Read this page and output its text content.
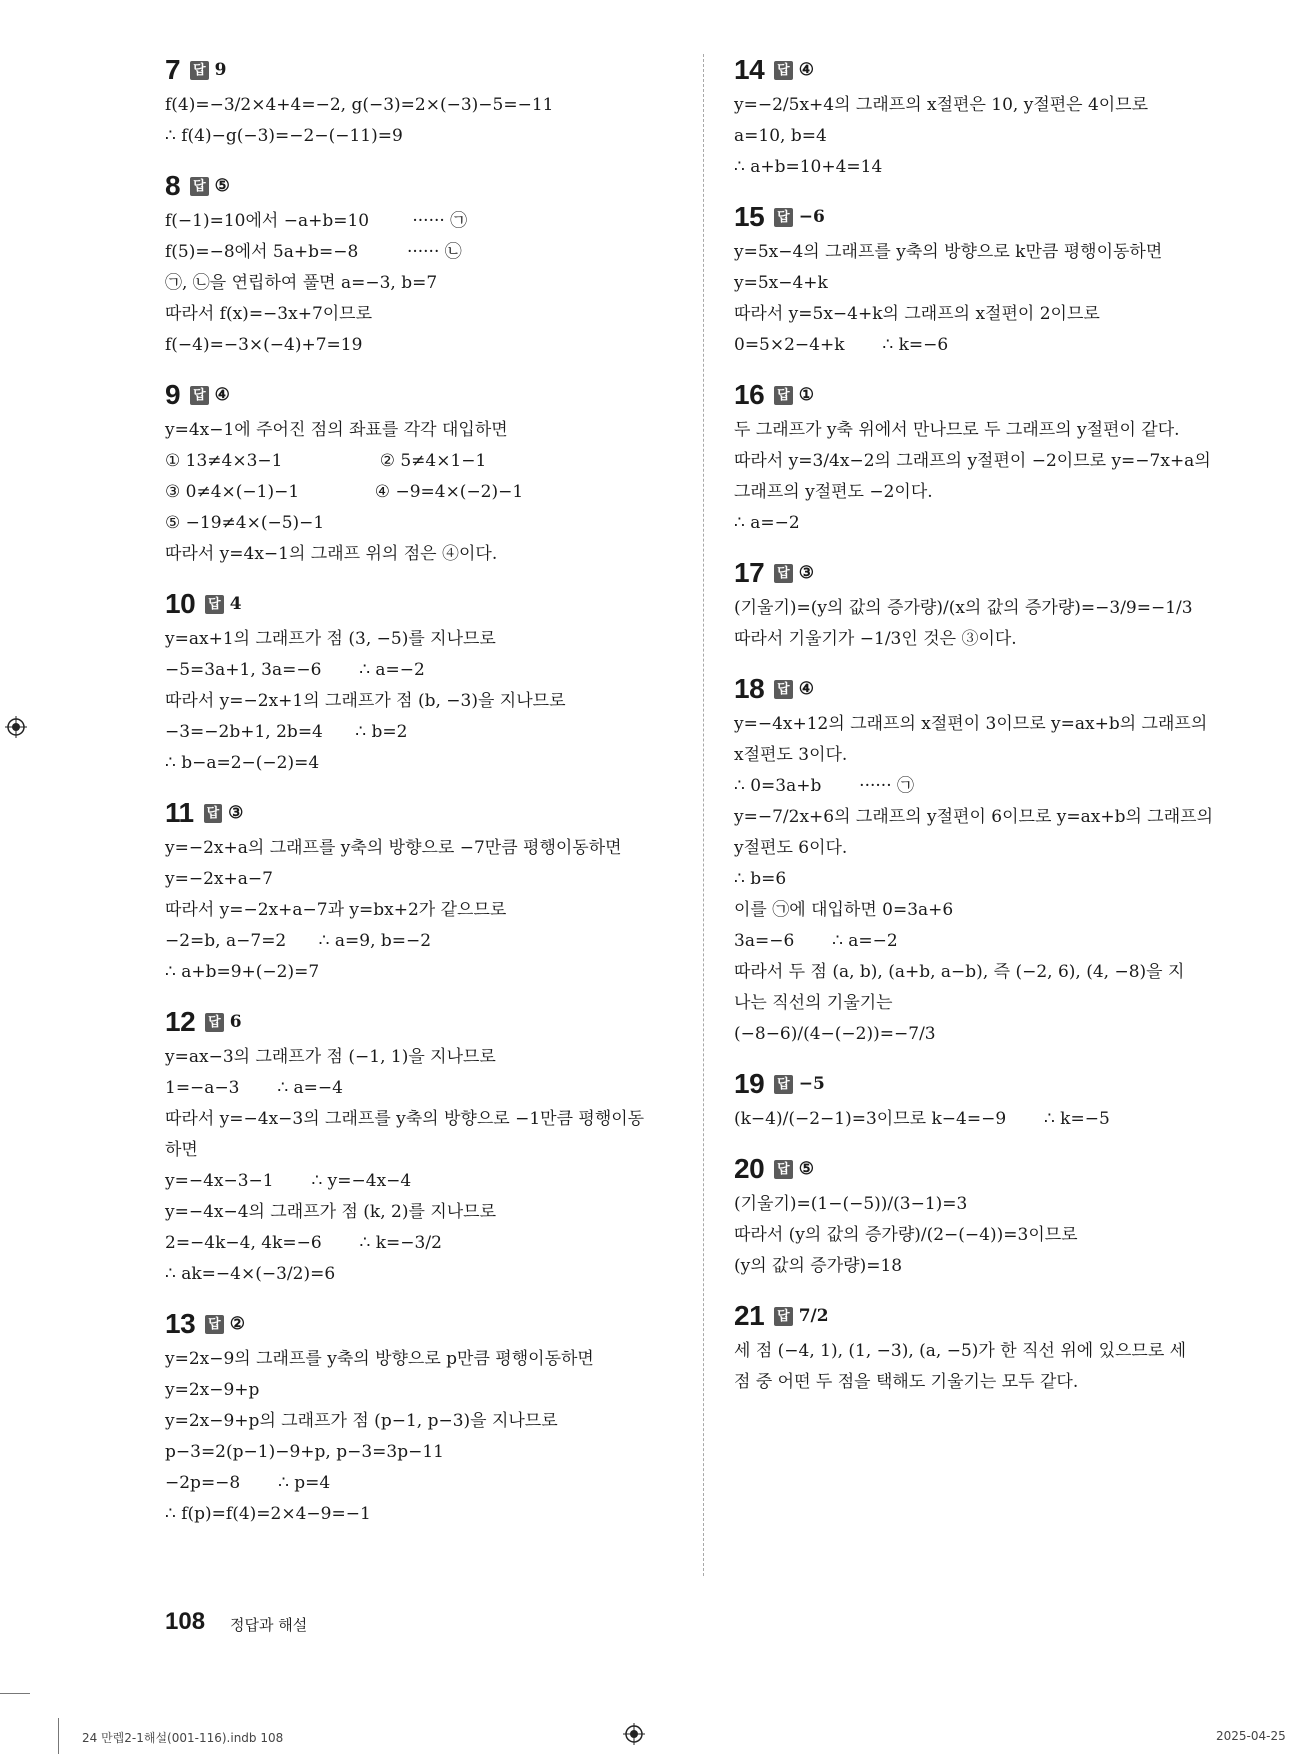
7 답 9
f(4)=−3/2×4+4=−2, g(−3)=2×(−3)−5=−11
∴ f(4)−g(−3)=−2−(−11)=9
8 답 ⑤
f(−1)=10에서 −a+b=10        ······ ㉠
f(5)=−8에서 5a+b=−8         ······ ㉡
㉠, ㉡을 연립하여 풀면 a=−3, b=7
따라서 f(x)=−3x+7이므로
f(−4)=−3×(−4)+7=19
9 답 ④
y=4x−1에 주어진 점의 좌표를 각각 대입하면
① 13≠4×3−1                  ② 5≠4×1−1
③ 0≠4×(−1)−1              ④ −9=4×(−2)−1
⑤ −19≠4×(−5)−1
따라서 y=4x−1의 그래프 위의 점은 ④이다.
10 답 4
y=ax+1의 그래프가 점 (3, −5)를 지나므로
−5=3a+1, 3a=−6       ∴ a=−2
따라서 y=−2x+1의 그래프가 점 (b, −3)을 지나므로
−3=−2b+1, 2b=4      ∴ b=2
∴ b−a=2−(−2)=4
11 답 ③
y=−2x+a의 그래프를 y축의 방향으로 −7만큼 평행이동하면
y=−2x+a−7
따라서 y=−2x+a−7과 y=bx+2가 같으므로
−2=b, a−7=2      ∴ a=9, b=−2
∴ a+b=9+(−2)=7
12 답 6
y=ax−3의 그래프가 점 (−1, 1)을 지나므로
1=−a−3       ∴ a=−4
따라서 y=−4x−3의 그래프를 y축의 방향으로 −1만큼 평행이동
하면
y=−4x−3−1       ∴ y=−4x−4
y=−4x−4의 그래프가 점 (k, 2)를 지나므로
2=−4k−4, 4k=−6       ∴ k=−3/2
∴ ak=−4×(−3/2)=6
13 답 ②
y=2x−9의 그래프를 y축의 방향으로 p만큼 평행이동하면
y=2x−9+p
y=2x−9+p의 그래프가 점 (p−1, p−3)을 지나므로
p−3=2(p−1)−9+p, p−3=3p−11
−2p=−8       ∴ p=4
∴ f(p)=f(4)=2×4−9=−1
14 답 ④
y=−2/5x+4의 그래프의 x절편은 10, y절편은 4이므로
a=10, b=4
∴ a+b=10+4=14
15 답 −6
y=5x−4의 그래프를 y축의 방향으로 k만큼 평행이동하면
y=5x−4+k
따라서 y=5x−4+k의 그래프의 x절편이 2이므로
0=5×2−4+k       ∴ k=−6
16 답 ①
두 그래프가 y축 위에서 만나므로 두 그래프의 y절편이 같다.
따라서 y=3/4x−2의 그래프의 y절편이 −2이므로 y=−7x+a의
그래프의 y절편도 −2이다.
∴ a=−2
17 답 ③
(기울기)=(y의 값의 증가량)/(x의 값의 증가량)=−3/9=−1/3
따라서 기울기가 −1/3인 것은 ③이다.
18 답 ④
y=−4x+12의 그래프의 x절편이 3이므로 y=ax+b의 그래프의
x절편도 3이다.
∴ 0=3a+b       ······ ㉠
y=−7/2x+6의 그래프의 y절편이 6이므로 y=ax+b의 그래프의
y절편도 6이다.
∴ b=6
이를 ㉠에 대입하면 0=3a+6
3a=−6       ∴ a=−2
따라서 두 점 (a, b), (a+b, a−b), 즉 (−2, 6), (4, −8)을 지
나는 직선의 기울기는
(−8−6)/(4−(−2))=−7/3
19 답 −5
(k−4)/(−2−1)=3이므로 k−4=−9       ∴ k=−5
20 답 ⑤
(기울기)=(1−(−5))/(3−1)=3
따라서 (y의 값의 증가량)/(2−(−4))=3이므로
(y의 값의 증가량)=18
21 답 7/2
세 점 (−4, 1), (1, −3), (a, −5)가 한 직선 위에 있으므로 세
점 중 어떤 두 점을 택해도 기울기는 모두 같다.
108 정답과 해설
24 만렙2-1해설(001-116).indb 108	2025-04-25
